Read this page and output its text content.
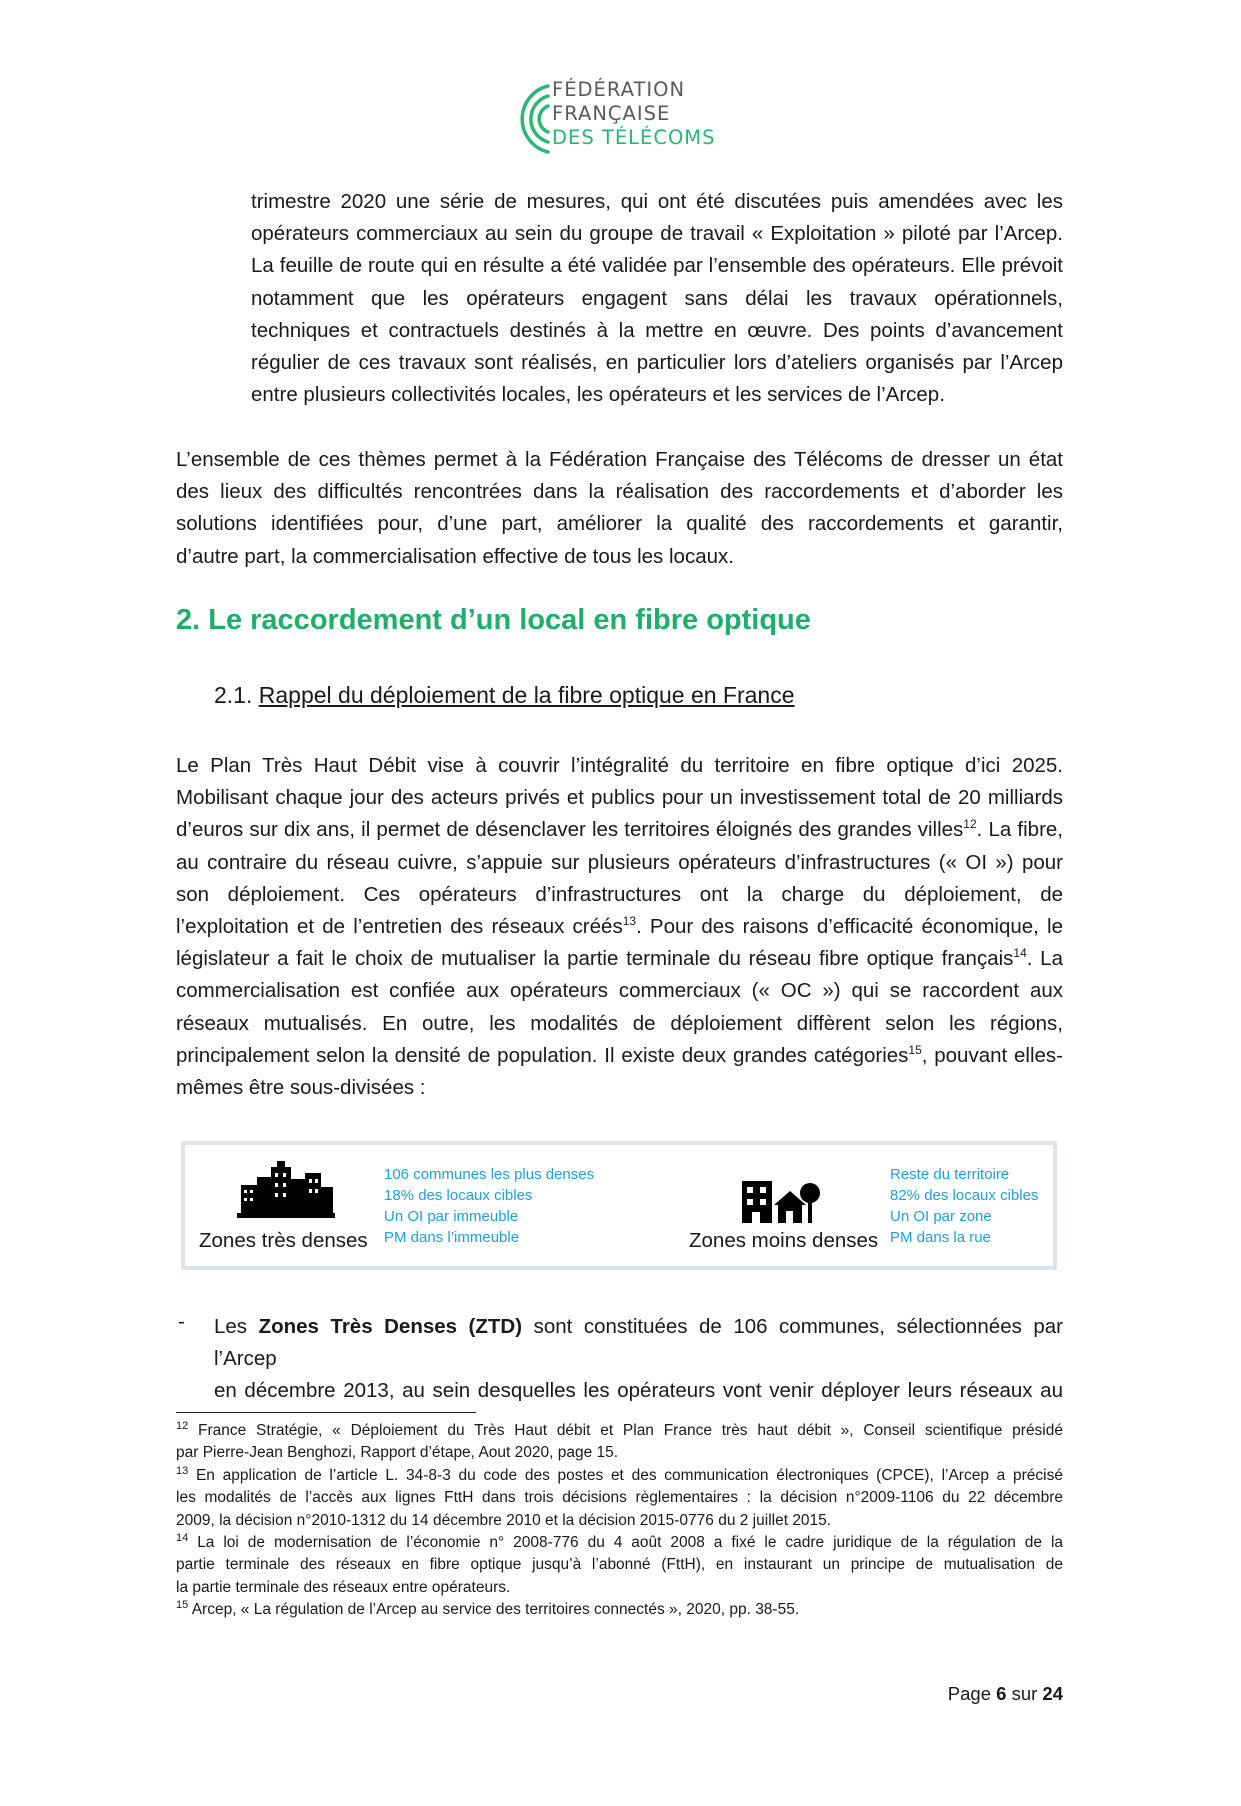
FÉDÉRATION
FRANÇAISE
DES TÉLÉCOMS
trimestre 2020 une série de mesures, qui ont été discutées puis amendées avec les
opérateurs commerciaux au sein du groupe de travail « Exploitation » piloté par l’Arcep.
La feuille de route qui en résulte a été validée par l’ensemble des opérateurs. Elle prévoit
notamment que les opérateurs engagent sans délai les travaux opérationnels,
techniques et contractuels destinés à la mettre en œuvre. Des points d’avancement
régulier de ces travaux sont réalisés, en particulier lors d’ateliers organisés par l’Arcep
entre plusieurs collectivités locales, les opérateurs et les services de l’Arcep.
L’ensemble de ces thèmes permet à la Fédération Française des Télécoms de dresser un état
des lieux des difficultés rencontrées dans la réalisation des raccordements et d’aborder les
solutions identifiées pour, d’une part, améliorer la qualité des raccordements et garantir,
d’autre part, la commercialisation effective de tous les locaux.
2. Le raccordement d’un local en fibre optique
2.1. Rappel du déploiement de la fibre optique en France
Le Plan Très Haut Débit vise à couvrir l’intégralité du territoire en fibre optique d’ici 2025.
Mobilisant chaque jour des acteurs privés et publics pour un investissement total de 20 milliards
d’euros sur dix ans, il permet de désenclaver les territoires éloignés des grandes villes$^{12}$. La fibre,
au contraire du réseau cuivre, s’appuie sur plusieurs opérateurs d’infrastructures (« OI ») pour
son déploiement. Ces opérateurs d’infrastructures ont la charge du déploiement, de
l’exploitation et de l’entretien des réseaux créés$^{13}$. Pour des raisons d’efficacité économique, le
législateur a fait le choix de mutualiser la partie terminale du réseau fibre optique français$^{14}$. La
commercialisation est confiée aux opérateurs commerciaux (« OC ») qui se raccordent aux
réseaux mutualisés. En outre, les modalités de déploiement diffèrent selon les régions,
principalement selon la densité de population. Il existe deux grandes catégories$^{15}$, pouvant elles-
mêmes être sous-divisées :
Zones très denses
106 communes les plus denses
18% des locaux cibles
Un OI par immeuble
PM dans l’immeuble	Zones moins denses
Reste du territoire
82% des locaux cibles
Un OI par zone
PM dans la rue
- Les Zones Très Denses (ZTD) sont constituées de 106 communes, sélectionnées par l’Arcep
en décembre 2013, au sein desquelles les opérateurs vont venir déployer leurs réseaux au
$^{12}$ France Stratégie, « Déploiement du Très Haut débit et Plan France très haut débit », Conseil scientifique présidé
par Pierre-Jean Benghozi, Rapport d’étape, Aout 2020, page 15.
$^{13}$ En application de l’article L. 34-8-3 du code des postes et des communication électroniques (CPCE), l’Arcep a précisé
les modalités de l’accès aux lignes FttH dans trois décisions règlementaires : la décision n°2009-1106 du 22 décembre
2009, la décision n°2010-1312 du 14 décembre 2010 et la décision 2015-0776 du 2 juillet 2015.
$^{14}$ La loi de modernisation de l’économie n° 2008-776 du 4 août 2008 a fixé le cadre juridique de la régulation de la
partie terminale des réseaux en fibre optique jusqu’à l’abonné (FttH), en instaurant un principe de mutualisation de
la partie terminale des réseaux entre opérateurs.
$^{15}$ Arcep, « La régulation de l’Arcep au service des territoires connectés », 2020, pp. 38-55.
Page 6 sur 24
